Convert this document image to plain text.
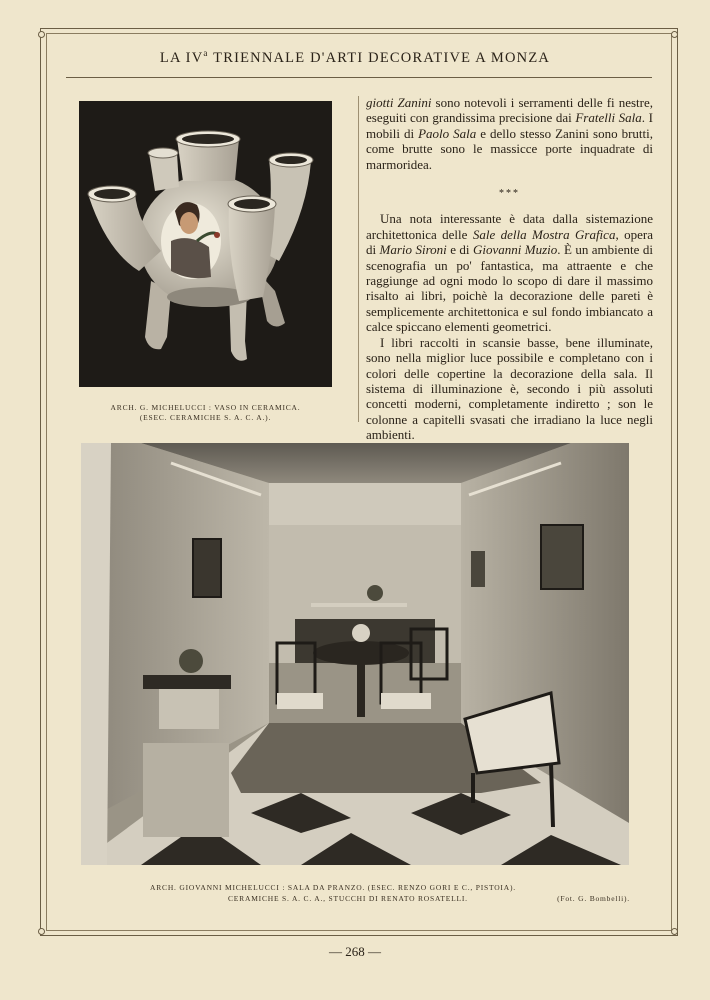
LA $IV^a$ TRIENNALE D'ARTI DECORATIVE A MONZA
ARCH. G. MICHELUCCI : VASO IN CERAMICA.
(ESEC. CERAMICHE S. A. C. A.).

giotti Zanini sono notevoli i serramenti delle fi nestre, eseguiti con grandissima precisione dai Fratelli Sala. I mobili di Paolo Sala e dello stesso Zanini sono brutti, come brutte sono le massicce porte inquadrate di marmoridea.

***

Una nota interessante è data dalla sistemazione architettonica delle Sale della Mostra Grafica, opera di Mario Sironi e di Giovanni Muzio. È un ambiente di scenografia un po' fantastica, ma attraente e che raggiunge ad ogni modo lo scopo di dare il massimo risalto ai libri, poichè la decorazione delle pareti è semplicemente architettonica e sul fondo imbiancato a calce spiccano elementi geometrici.

I libri raccolti in scansie basse, bene illuminate, sono nella miglior luce possibile e completano con i colori delle copertine la decorazione della sala. Il sistema di illuminazione è, secondo i più assoluti concetti moderni, completamente indiretto ; son le colonne a capitelli svasati che irradiano la luce negli ambienti.

ARCH. GIOVANNI MICHELUCCI : SALA DA PRANZO. (ESEC. RENZO GORI E C., PISTOIA).
CERAMICHE S. A. C. A., STUCCHI DI RENATO ROSATELLI.	(Fot. G. Bombelli).
— 268 —
